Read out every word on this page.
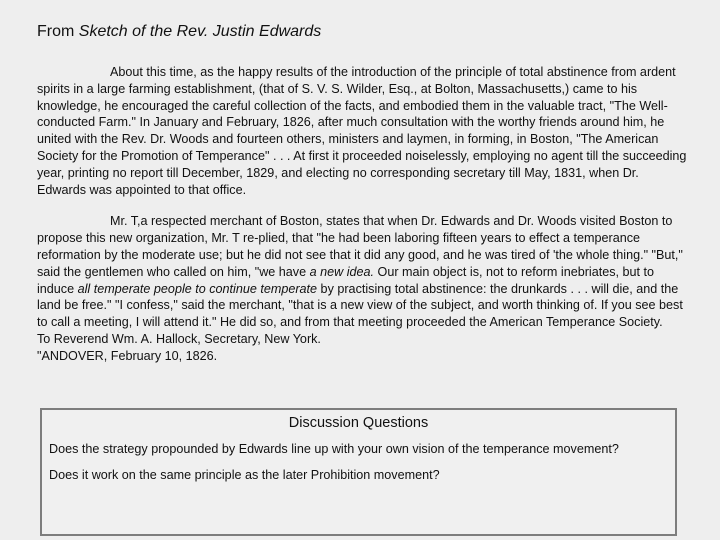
From Sketch of the Rev. Justin Edwards

About this time, as the happy results of the introduction of the principle of total abstinence from ardent spirits in a large farming establishment, (that of S. V. S. Wilder, Esq., at Bolton, Massachusetts,) came to his knowledge, he encouraged the careful collection of the facts, and embodied them in the valuable tract, "The Well-conducted Farm." In January and February, 1826, after much consultation with the worthy friends around him, he united with the Rev. Dr. Woods and fourteen others, ministers and laymen, in forming, in Boston, "The American Society for the Promotion of Temperance" . . . At first it proceeded noiselessly, employing no agent till the succeeding year, printing no report till December, 1829, and electing no corresponding secretary till May, 1831, when Dr. Edwards was appointed to that office.

Mr. T,a respected merchant of Boston, states that when Dr. Edwards and Dr. Woods visited Boston to propose this new organization, Mr. T re-plied, that "he had been laboring fifteen years to effect a temperance reformation by the moderate use; but he did not see that it did any good, and he was tired of 'the whole thing." "But," said the gentlemen who called on him, "we have a new idea. Our main object is, not to reform inebriates, but to induce all temperate people to continue temperate by practising total abstinence: the drunkards . . . will die, and the land be free." "I confess," said the merchant, "that is a new view of the subject, and worth thinking of. If you see best to call a meeting, I will attend it." He did so, and from that meeting proceeded the American Temperance Society.

To Reverend Wm. A. Hallock, Secretary, New York.

"ANDOVER, February 10, 1826.

Discussion Questions

Does the strategy propounded by Edwards line up with your own vision of the temperance movement?

Does it work on the same principle as the later Prohibition movement?
